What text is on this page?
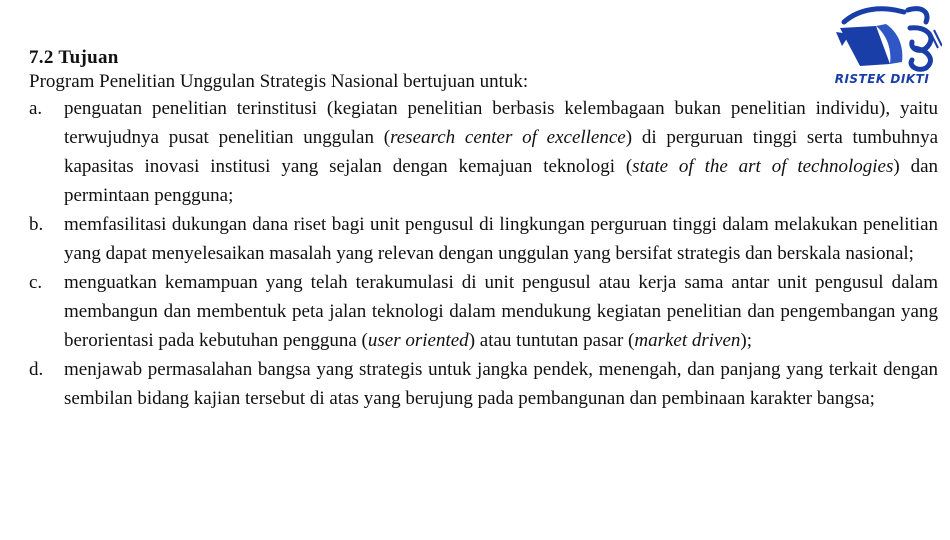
RISTEK DIKTI

7.2 Tujuan

Program Penelitian Unggulan Strategis Nasional bertujuan untuk:

a. penguatan penelitian terinstitusi (kegiatan penelitian berbasis kelembagaan bukan penelitian individu), yaitu terwujudnya pusat penelitian unggulan (research center of excellence) di perguruan tinggi serta tumbuhnya kapasitas inovasi institusi yang sejalan dengan kemajuan teknologi (state of the art of technologies) dan permintaan pengguna;
b. memfasilitasi dukungan dana riset bagi unit pengusul di lingkungan perguruan tinggi dalam melakukan penelitian yang dapat menyelesaikan masalah yang relevan dengan unggulan yang bersifat strategis dan berskala nasional;
c. menguatkan kemampuan yang telah terakumulasi di unit pengusul atau kerja sama antar unit pengusul dalam membangun dan membentuk peta jalan teknologi dalam mendukung kegiatan penelitian dan pengembangan yang berorientasi pada kebutuhan pengguna (user oriented) atau tuntutan pasar (market driven);
d. menjawab permasalahan bangsa yang strategis untuk jangka pendek, menengah, dan panjang yang terkait dengan sembilan bidang kajian tersebut di atas yang berujung pada pembangunan dan pembinaan karakter bangsa;
